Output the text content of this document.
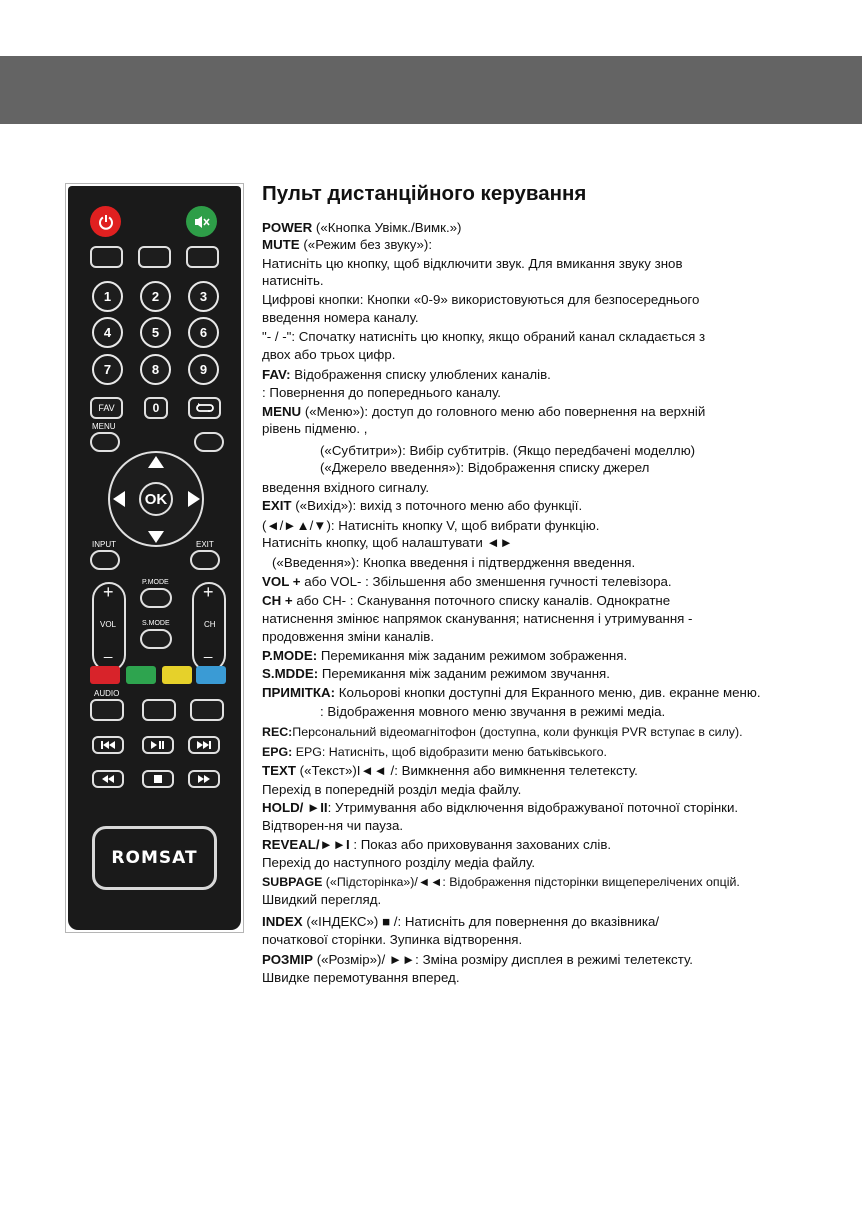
1	2	3
4	5	6
7	8	9
FAV	0
MENU
OK
INPUT	EXIT
+
VOL
_
+
CH
_
P.MODE
S.MODE
AUDIO
ROMSAT
Пульт дистанційного керування
POWER («Кнопка Увімк./Вимк.»)
MUTE («Режим без звуку»):
Натисніть цю кнопку, щоб відключити звук. Для вмикання звуку знов
натисніть.
Цифрові кнопки: Кнопки «0-9» використовуються для безпосереднього
введення номера каналу.
"- / -": Спочатку натисніть цю кнопку, якщо обраний канал складається з
двох або трьох цифр.
FAV: Відображення списку улюблених каналів.
: Повернення до попереднього каналу.
MENU («Меню»): доступ до головного меню або повернення на верхній
рівень підменю. ,
(«Субтитри»): Вибір субтитрів. (Якщо передбачені моделлю)
(«Джерело введення»): Відображення списку джерел
введення вхідного сигналу.
EXIT («Вихід»): вихід з поточного меню або функції.
(◄/►▲/▼): Натисніть кнопку V, щоб вибрати функцію.
Натисніть кнопку, щоб налаштувати ◄►
(«Введення»): Кнопка введення і підтвердження введення.
VOL + або VOL- : Збільшення або зменшення гучності телевізора.
CH + або CH- : Сканування поточного списку каналів. Однократне
натиснення змінює напрямок сканування; натиснення і утримування -
продовження зміни каналів.
P.MODE: Перемикання між заданим режимом зображення.
S.MDDE: Перемикання між заданим режимом звучання.
ПРИМІТКА: Кольорові кнопки доступні для Екранного меню, див. екранне меню.
: Відображення мовного меню звучання в режимі медіа.
REC:Персональний відеомагнітофон (доступна, коли функція PVR вступає в силу).
EPG: EPG: Натисніть, щоб відобразити меню батьківського.
TEXT («Текст»)I◄◄ /: Вимкнення або вимкнення телетексту.
Перехід в попередній розділ медіа файлу.
HOLD/ ►II: Утримування або відключення відображуваної поточної сторінки.
Відтворен-ня чи пауза.
REVEAL/►►I : Показ або приховування захованих слів.
Перехід до наступного розділу медіа файлу.
SUBPAGE («Підсторінка»)/◄◄: Відображення підсторінки вищеперелічених опцій.
Швидкий перегляд.
INDEX («ІНДЕКС») ■ /: Натисніть для повернення до вказівника/
початкової сторінки. Зупинка відтворення.
РОЗМІР («Розмір»)/ ►►: Зміна розміру дисплея в режимі телетексту.
Швидке перемотування вперед.
